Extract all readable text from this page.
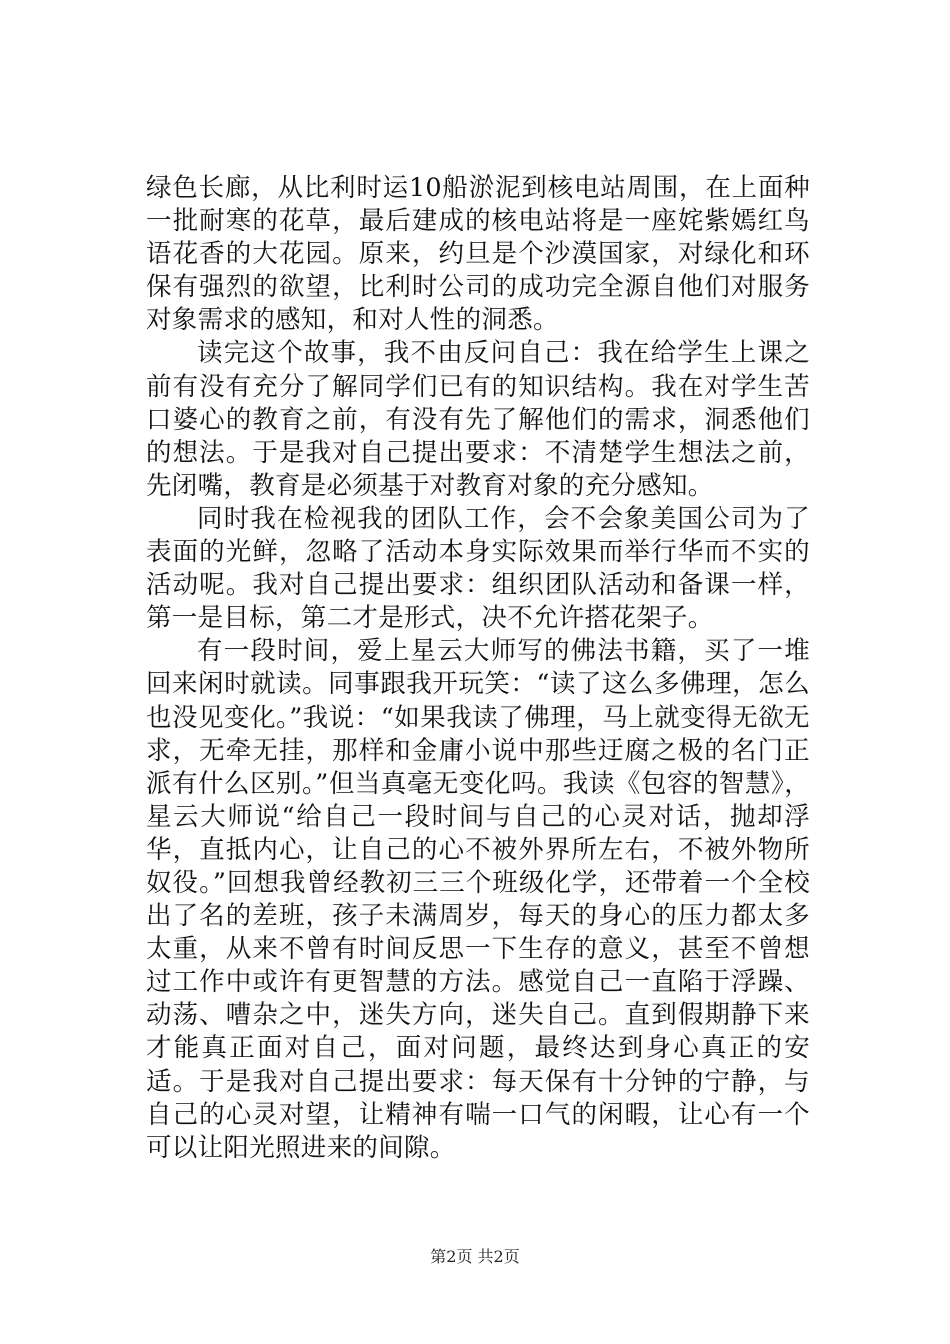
绿色长廊，从比利时运10船淤泥到核电站周围，在上面种一批耐寒的花草，最后建成的核电站将是一座姹紫嫣红鸟语花香的大花园。原来，约旦是个沙漠国家，对绿化和环保有强烈的欲望，比利时公司的成功完全源自他们对服务对象需求的感知，和对人性的洞悉。

读完这个故事，我不由反问自己：我在给学生上课之前有没有充分了解同学们已有的知识结构。我在对学生苦口婆心的教育之前，有没有先了解他们的需求，洞悉他们的想法。于是我对自己提出要求：不清楚学生想法之前，先闭嘴，教育是必须基于对教育对象的充分感知。

同时我在检视我的团队工作，会不会象美国公司为了表面的光鲜，忽略了活动本身实际效果而举行华而不实的活动呢。我对自己提出要求：组织团队活动和备课一样，第一是目标，第二才是形式，决不允许搭花架子。

有一段时间，爱上星云大师写的佛法书籍，买了一堆回来闲时就读。同事跟我开玩笑：“读了这么多佛理，怎么也没见变化。”我说：“如果我读了佛理，马上就变得无欲无求，无牵无挂，那样和金庸小说中那些迂腐之极的名门正派有什么区别。”但当真毫无变化吗。我读《包容的智慧》，星云大师说“给自己一段时间与自己的心灵对话，抛却浮华，直抵内心，让自己的心不被外界所左右，不被外物所奴役。”回想我曾经教初三三个班级化学，还带着一个全校出了名的差班，孩子未满周岁，每天的身心的压力都太多太重，从来不曾有时间反思一下生存的意义，甚至不曾想过工作中或许有更智慧的方法。感觉自己一直陷于浮躁、动荡、嘈杂之中，迷失方向，迷失自己。直到假期静下来才能真正面对自己，面对问题，最终达到身心真正的安适。于是我对自己提出要求：每天保有十分钟的宁静，与自己的心灵对望，让精神有喘一口气的闲暇，让心有一个可以让阳光照进来的间隙。

第2页 共2页
